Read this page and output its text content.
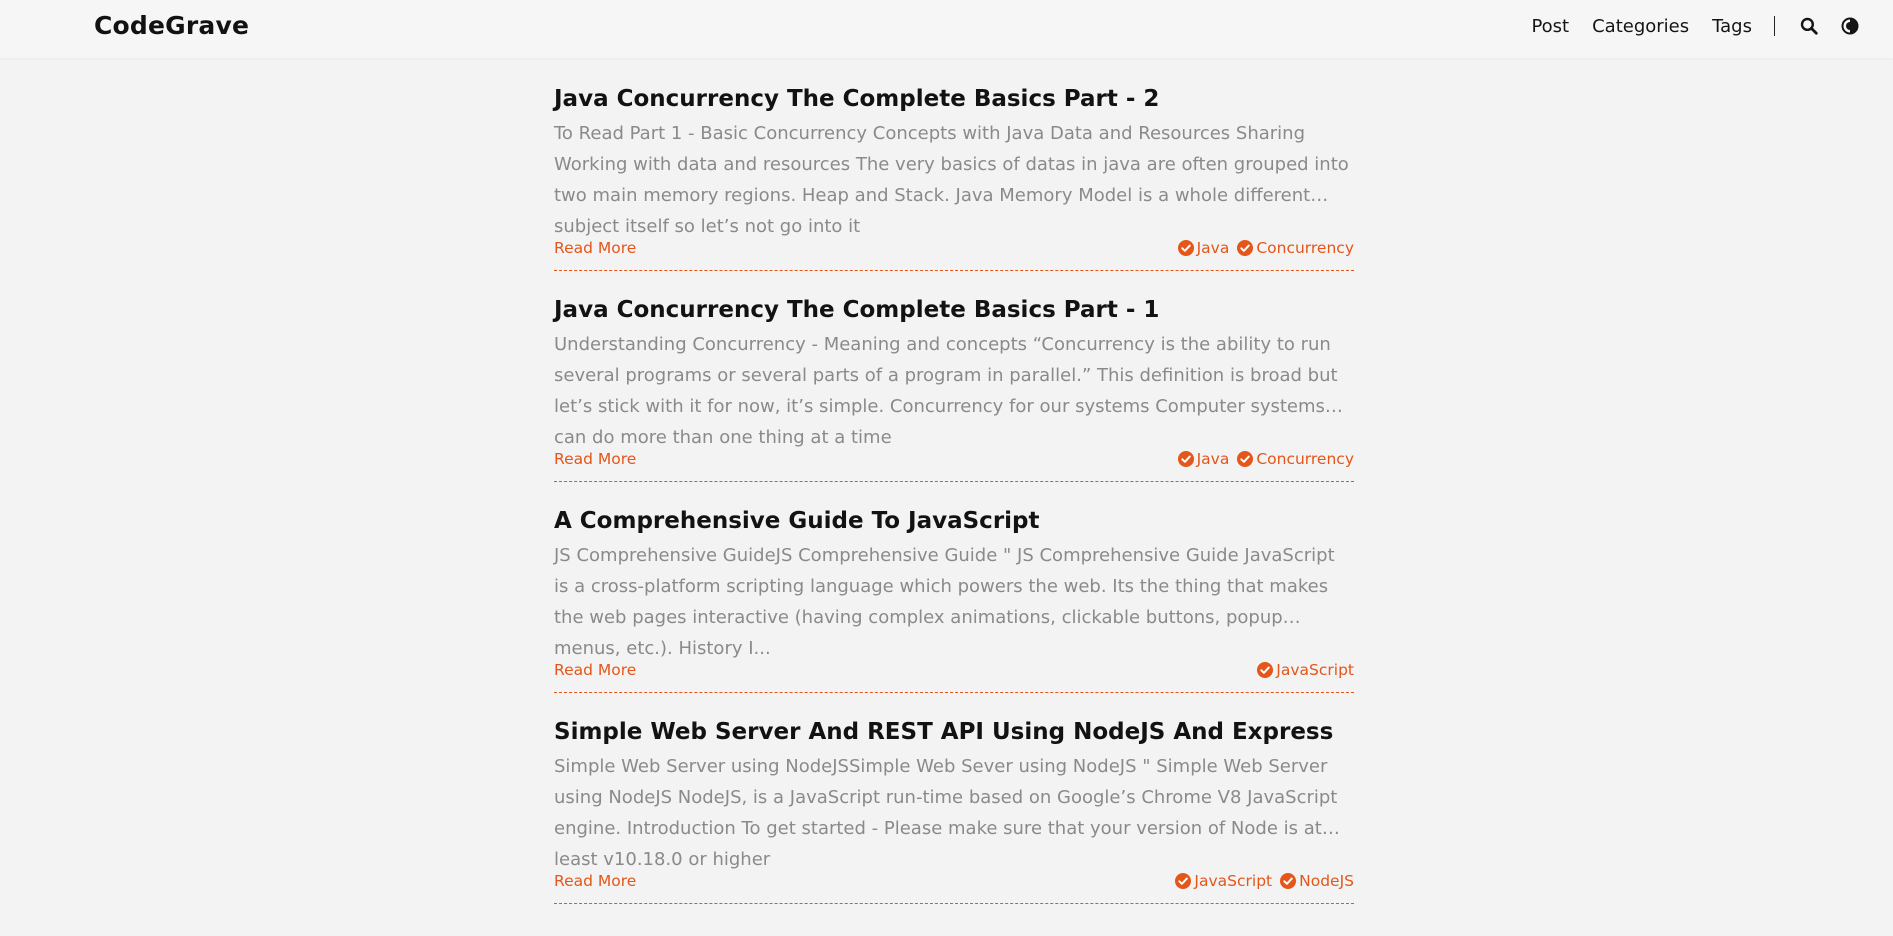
CodeGrave	Post Categories Tags
Java Concurrency The Complete Basics Part - 2

To Read Part 1 - Basic Concurrency Concepts with Java Data and Resources Sharing Working with data and resources The very basics of datas in java are often grouped into two main memory regions. Heap and Stack. Java Memory Model is a whole different subject itself so let’s not go into it

Read More	Java Concurrency
Java Concurrency The Complete Basics Part - 1

Understanding Concurrency - Meaning and concepts “Concurrency is the ability to run several programs or several parts of a program in parallel.” This definition is broad but let’s stick with it for now, it’s simple. Concurrency for our systems Computer systems can do more than one thing at a time

Read More	Java Concurrency
A Comprehensive Guide To JavaScript

JS Comprehensive GuideJS Comprehensive Guide " JS Comprehensive Guide JavaScript is a cross-platform scripting language which powers the web. Its the thing that makes the web pages interactive (having complex animations, clickable buttons, popup menus, etc.). History I...

Read More	JavaScript
Simple Web Server And REST API Using NodeJS And Express

Simple Web Server using NodeJSSimple Web Sever using NodeJS " Simple Web Server using NodeJS NodeJS, is a JavaScript run-time based on Google’s Chrome V8 JavaScript engine. Introduction To get started - Please make sure that your version of Node is at least v10.18.0 or higher

Read More	JavaScript NodeJS
